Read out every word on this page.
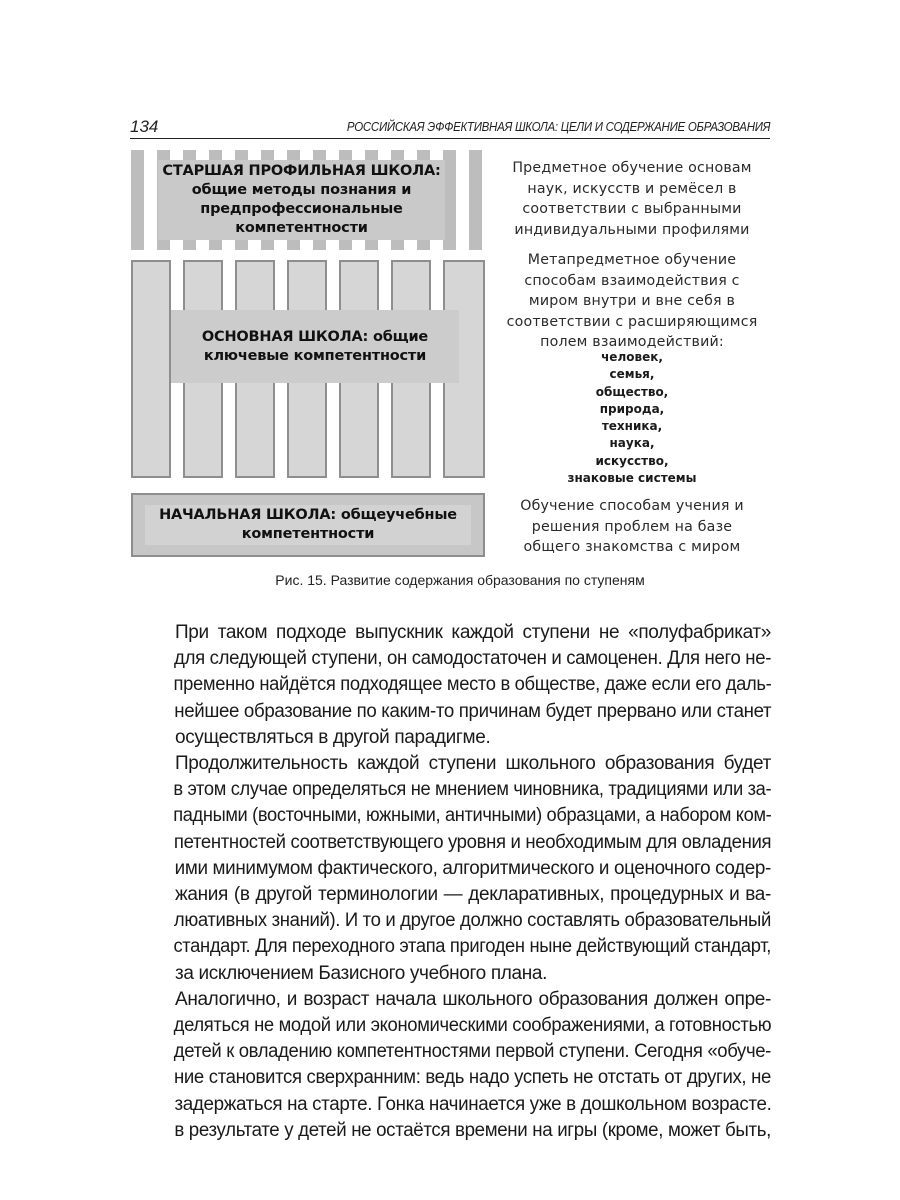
134	РОССИЙСКАЯ ЭФФЕКТИВНАЯ ШКОЛА: ЦЕЛИ И СОДЕРЖАНИЕ ОБРАЗОВАНИЯ
СТАРШАЯ ПРОФИЛЬНАЯ ШКОЛА:
общие методы познания и
предпрофессиональные
компетентности
ОСНОВНАЯ ШКОЛА: общие
ключевые компетентности
НАЧАЛЬНАЯ ШКОЛА: общеучебные
компетентности
Предметное обучение основам
наук, искусств и ремёсел в
соответствии с выбранными
индивидуальными профилями
Метапредметное обучение
способам взаимодействия с
миром внутри и вне себя в
соответствии с расширяющимся
полем взаимодействий:
человек,
семья,
общество,
природа,
техника,
наука,
искусство,
знаковые системы
Обучение способам учения и
решения проблем на базе
общего знакомства с миром
Рис. 15. Развитие содержания образования по ступеням

При таком подходе выпускник каждой ступени не «полуфабрикат»
для следующей ступени, он самодостаточен и самоценен. Для него не-
пременно найдётся подходящее место в обществе, даже если его даль-
нейшее образование по каким-то причинам будет прервано или станет
осуществляться в другой парадигме.

Продолжительность каждой ступени школьного образования будет
в этом случае определяться не мнением чиновника, традициями или за-
падными (восточными, южными, античными) образцами, а набором ком-
петентностей соответствующего уровня и необходимым для овладения
ими минимумом фактического, алгоритмического и оценочного содер-
жания (в другой терминологии — декларативных, процедурных и ва-
люативных знаний). И то и другое должно составлять образовательный
стандарт. Для переходного этапа пригоден ныне действующий стандарт,
за исключением Базисного учебного плана.

Аналогично, и возраст начала школьного образования должен опре-
деляться не модой или экономическими соображениями, а готовностью
детей к овладению компетентностями первой ступени. Сегодня «обуче-
ние становится сверхранним: ведь надо успеть не отстать от других, не
задержаться на старте. Гонка начинается уже в дошкольном возрасте.
в результате у детей не остаётся времени на игры (кроме, может быть,
